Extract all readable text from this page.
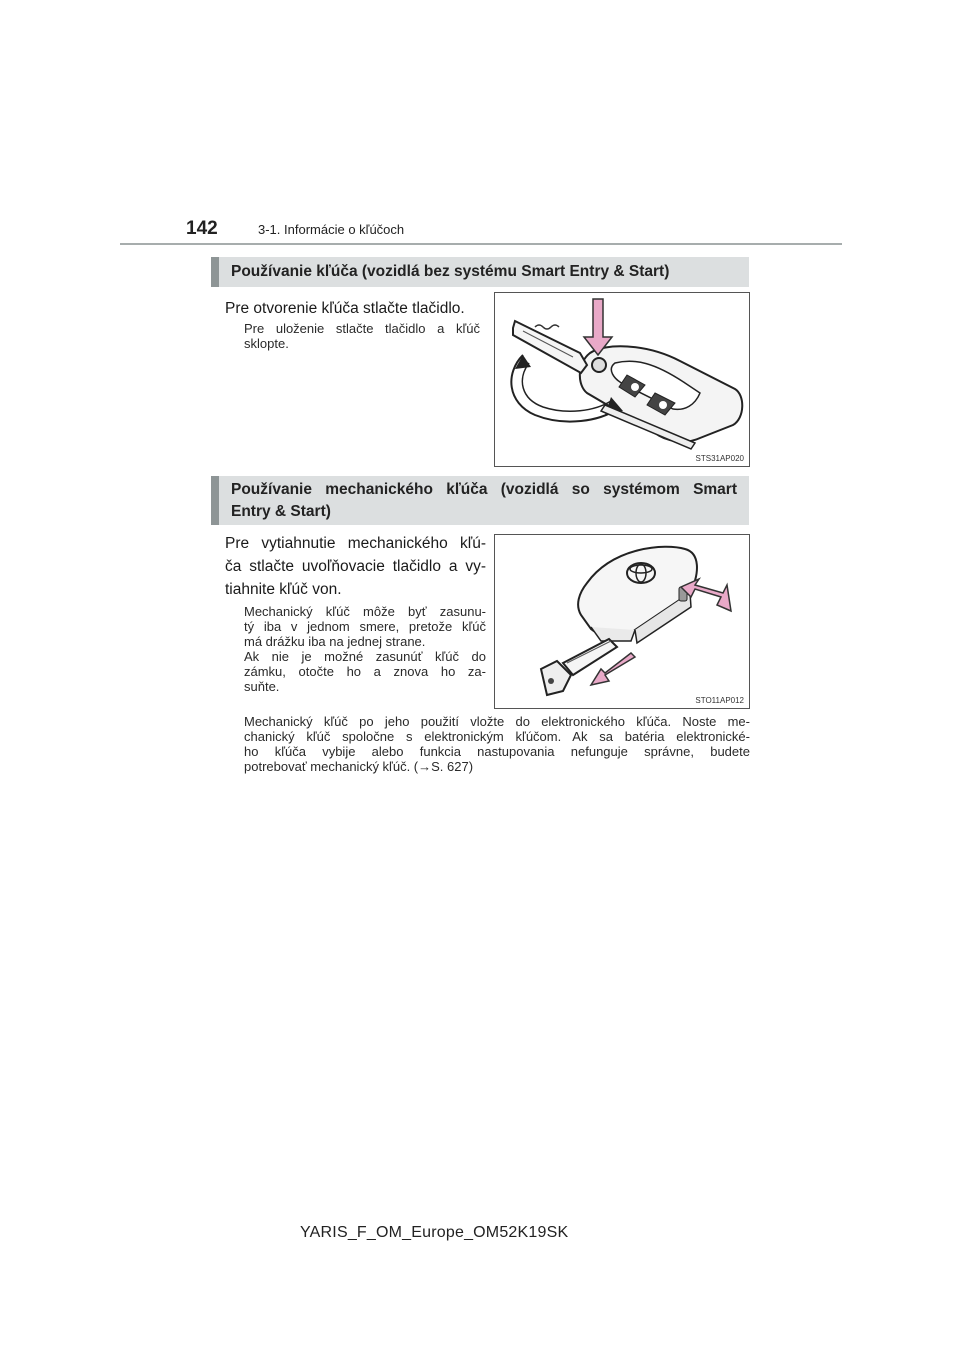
142	3-1. Informácie o kľúčoch
Používanie kľúča (vozidlá bez systému Smart Entry & Start)
Pre otvorenie kľúča stlačte tlačidlo.
Pre uloženie stlačte tlačidlo a kľúč
sklopte.
STS31AP020
Používanie mechanického kľúča (vozidlá so systémom Smart
Entry & Start)
Pre vytiahnutie mechanického kľú-
ča stlačte uvoľňovacie tlačidlo a vy-
tiahnite kľúč von.
Mechanický kľúč môže byť zasunu-
tý iba v jednom smere, pretože kľúč
má drážku iba na jednej strane.
Ak nie je možné zasunúť kľúč do
zámku, otočte ho a znova ho za-
suňte.
STO11AP012
Mechanický kľúč po jeho použití vložte do elektronického kľúča. Noste me-
chanický kľúč spoločne s elektronickým kľúčom. Ak sa batéria elektronické-
ho kľúča vybije alebo funkcia nastupovania nefunguje správne, budete
potrebovať mechanický kľúč. (→S. 627)
YARIS_F_OM_Europe_OM52K19SK
